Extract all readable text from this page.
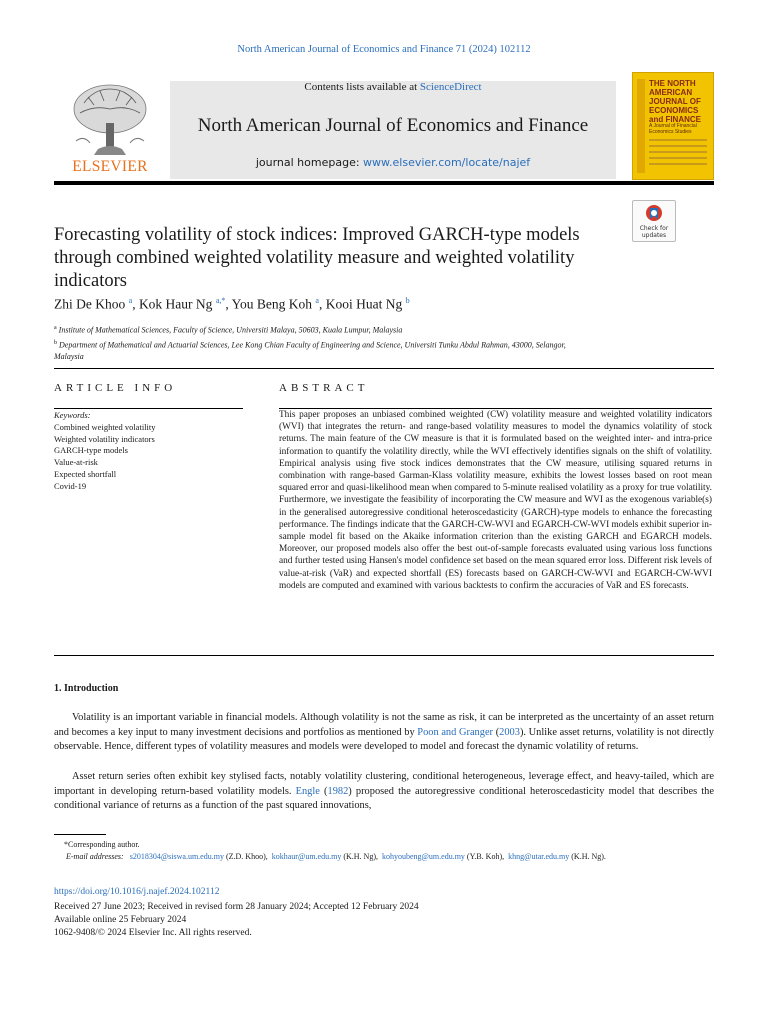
North American Journal of Economics and Finance 71 (2024) 102112
Contents lists available at ScienceDirect
North American Journal of Economics and Finance
journal homepage: www.elsevier.com/locate/najef
ELSEVIER
THE NORTH AMERICAN JOURNAL OF ECONOMICS and FINANCE
A Journal of Financial Economics Studies
Check for updates
Forecasting volatility of stock indices: Improved GARCH-type models through combined weighted volatility measure and weighted volatility indicators
Zhi De Khoo $^a$, Kok Haur Ng $^{a,*}$, You Beng Koh $^a$, Kooi Huat Ng $^b$
$^a$ Institute of Mathematical Sciences, Faculty of Science, Universiti Malaya, 50603, Kuala Lumpur, Malaysia
$^b$ Department of Mathematical and Actuarial Sciences, Lee Kong Chian Faculty of Engineering and Science, Universiti Tunku Abdul Rahman, 43000, Selangor, Malaysia
ARTICLE INFO	ABSTRACT
Keywords:
Combined weighted volatility
Weighted volatility indicators
GARCH-type models
Value-at-risk
Expected shortfall
Covid-19
This paper proposes an unbiased combined weighted (CW) volatility measure and weighted volatility indicators (WVI) that integrates the return- and range-based volatility measures to model the dynamics volatility of stock returns. The main feature of the CW measure is that it is formulated based on the weighted inter- and intra-price information to quantify the volatility directly, while the WVI effectively identifies signals on the shift of volatility. Empirical analysis using five stock indices demonstrates that the CW measure, utilising squared returns in combination with range-based Garman-Klass volatility measure, exhibits the lowest losses based on root mean squared error and quasi-likelihood mean when compared to 5-minute realised volatility as a proxy for true volatility. Furthermore, we investigate the feasibility of incorporating the CW measure and WVI as the exogenous variable(s) in the generalised autoregressive conditional heteroscedasticity (GARCH)-type models to enhance the forecasting performance. The findings indicate that the GARCH-CW-WVI and EGARCH-CW-WVI models exhibit superior in-sample model fit based on the Akaike information criterion than the existing GARCH and EGARCH models. Moreover, our proposed models also offer the best out-of-sample forecasts evaluated using various loss functions and further tested using Hansen's model confidence set based on the mean squared error loss. Different risk levels of value-at-risk (VaR) and expected shortfall (ES) forecasts based on GARCH-CW-WVI and EGARCH-CW-WVI models are computed and examined with various backtests to confirm the accuracies of VaR and ES forecasts.
1. Introduction
Volatility is an important variable in financial models. Although volatility is not the same as risk, it can be interpreted as the uncertainty of an asset return and becomes a key input to many investment decisions and portfolios as mentioned by Poon and Granger (2003). Unlike asset returns, volatility is not directly observable. Hence, different types of volatility measures and models were developed to model and forecast the dynamic volatility of returns.
Asset return series often exhibit key stylised facts, notably volatility clustering, conditional heterogeneous, leverage effect, and heavy-tailed, which are important in developing return-based volatility models. Engle (1982) proposed the autoregressive conditional heteroscedasticity model that describes the conditional variance of returns as a function of the past squared innovations,
*     Corresponding author.
E-mail addresses: s2018304@siswa.um.edu.my (Z.D. Khoo), kokhaur@um.edu.my (K.H. Ng), kohyoubeng@um.edu.my (Y.B. Koh), khng@utar.edu.my (K.H. Ng).
https://doi.org/10.1016/j.najef.2024.102112
Received 27 June 2023; Received in revised form 28 January 2024; Accepted 12 February 2024
Available online 25 February 2024
1062-9408/© 2024 Elsevier Inc. All rights reserved.
